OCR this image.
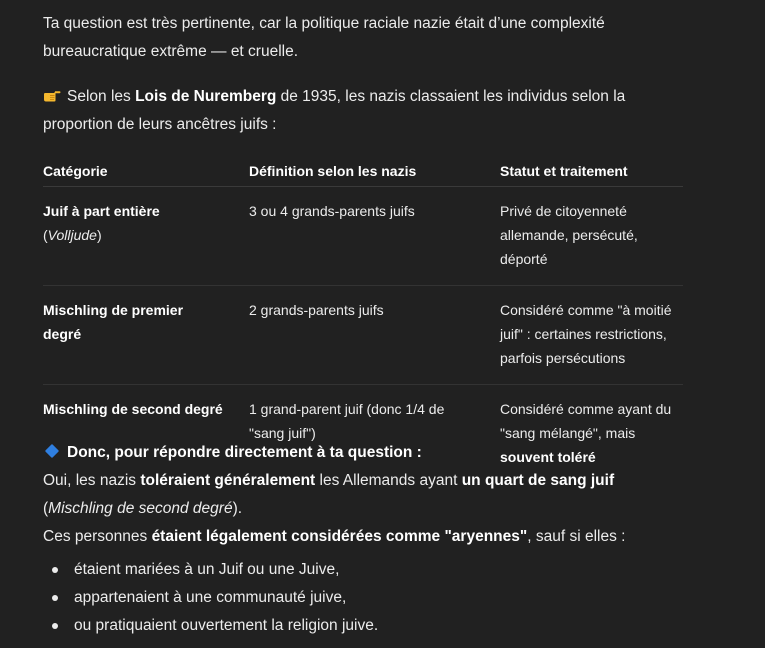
Ta question est très pertinente, car la politique raciale nazie était d’une complexité
bureaucratique extrême — et cruelle.

Selon les Lois de Nuremberg de 1935, les nazis classaient les individus selon la
proportion de leurs ancêtres juifs :

Catégorie	Définition selon les nazis	Statut et traitement
Juif à part entière
(Volljude)	3 ou 4 grands-parents juifs	Privé de citoyenneté allemande, persécuté, déporté
Mischling de premier degré	2 grands-parents juifs	Considéré comme "à moitié juif" : certaines restrictions, parfois persécutions
Mischling de second degré	1 grand-parent juif (donc 1/4 de "sang juif")	Considéré comme ayant du "sang mélangé", mais souvent toléré

Donc, pour répondre directement à ta question :

Oui, les nazis toléraient généralement les Allemands ayant un quart de sang juif
(Mischling de second degré).
Ces personnes étaient légalement considérées comme "aryennes", sauf si elles :

étaient mariées à un Juif ou une Juive,
appartenaient à une communauté juive,
ou pratiquaient ouvertement la religion juive.
